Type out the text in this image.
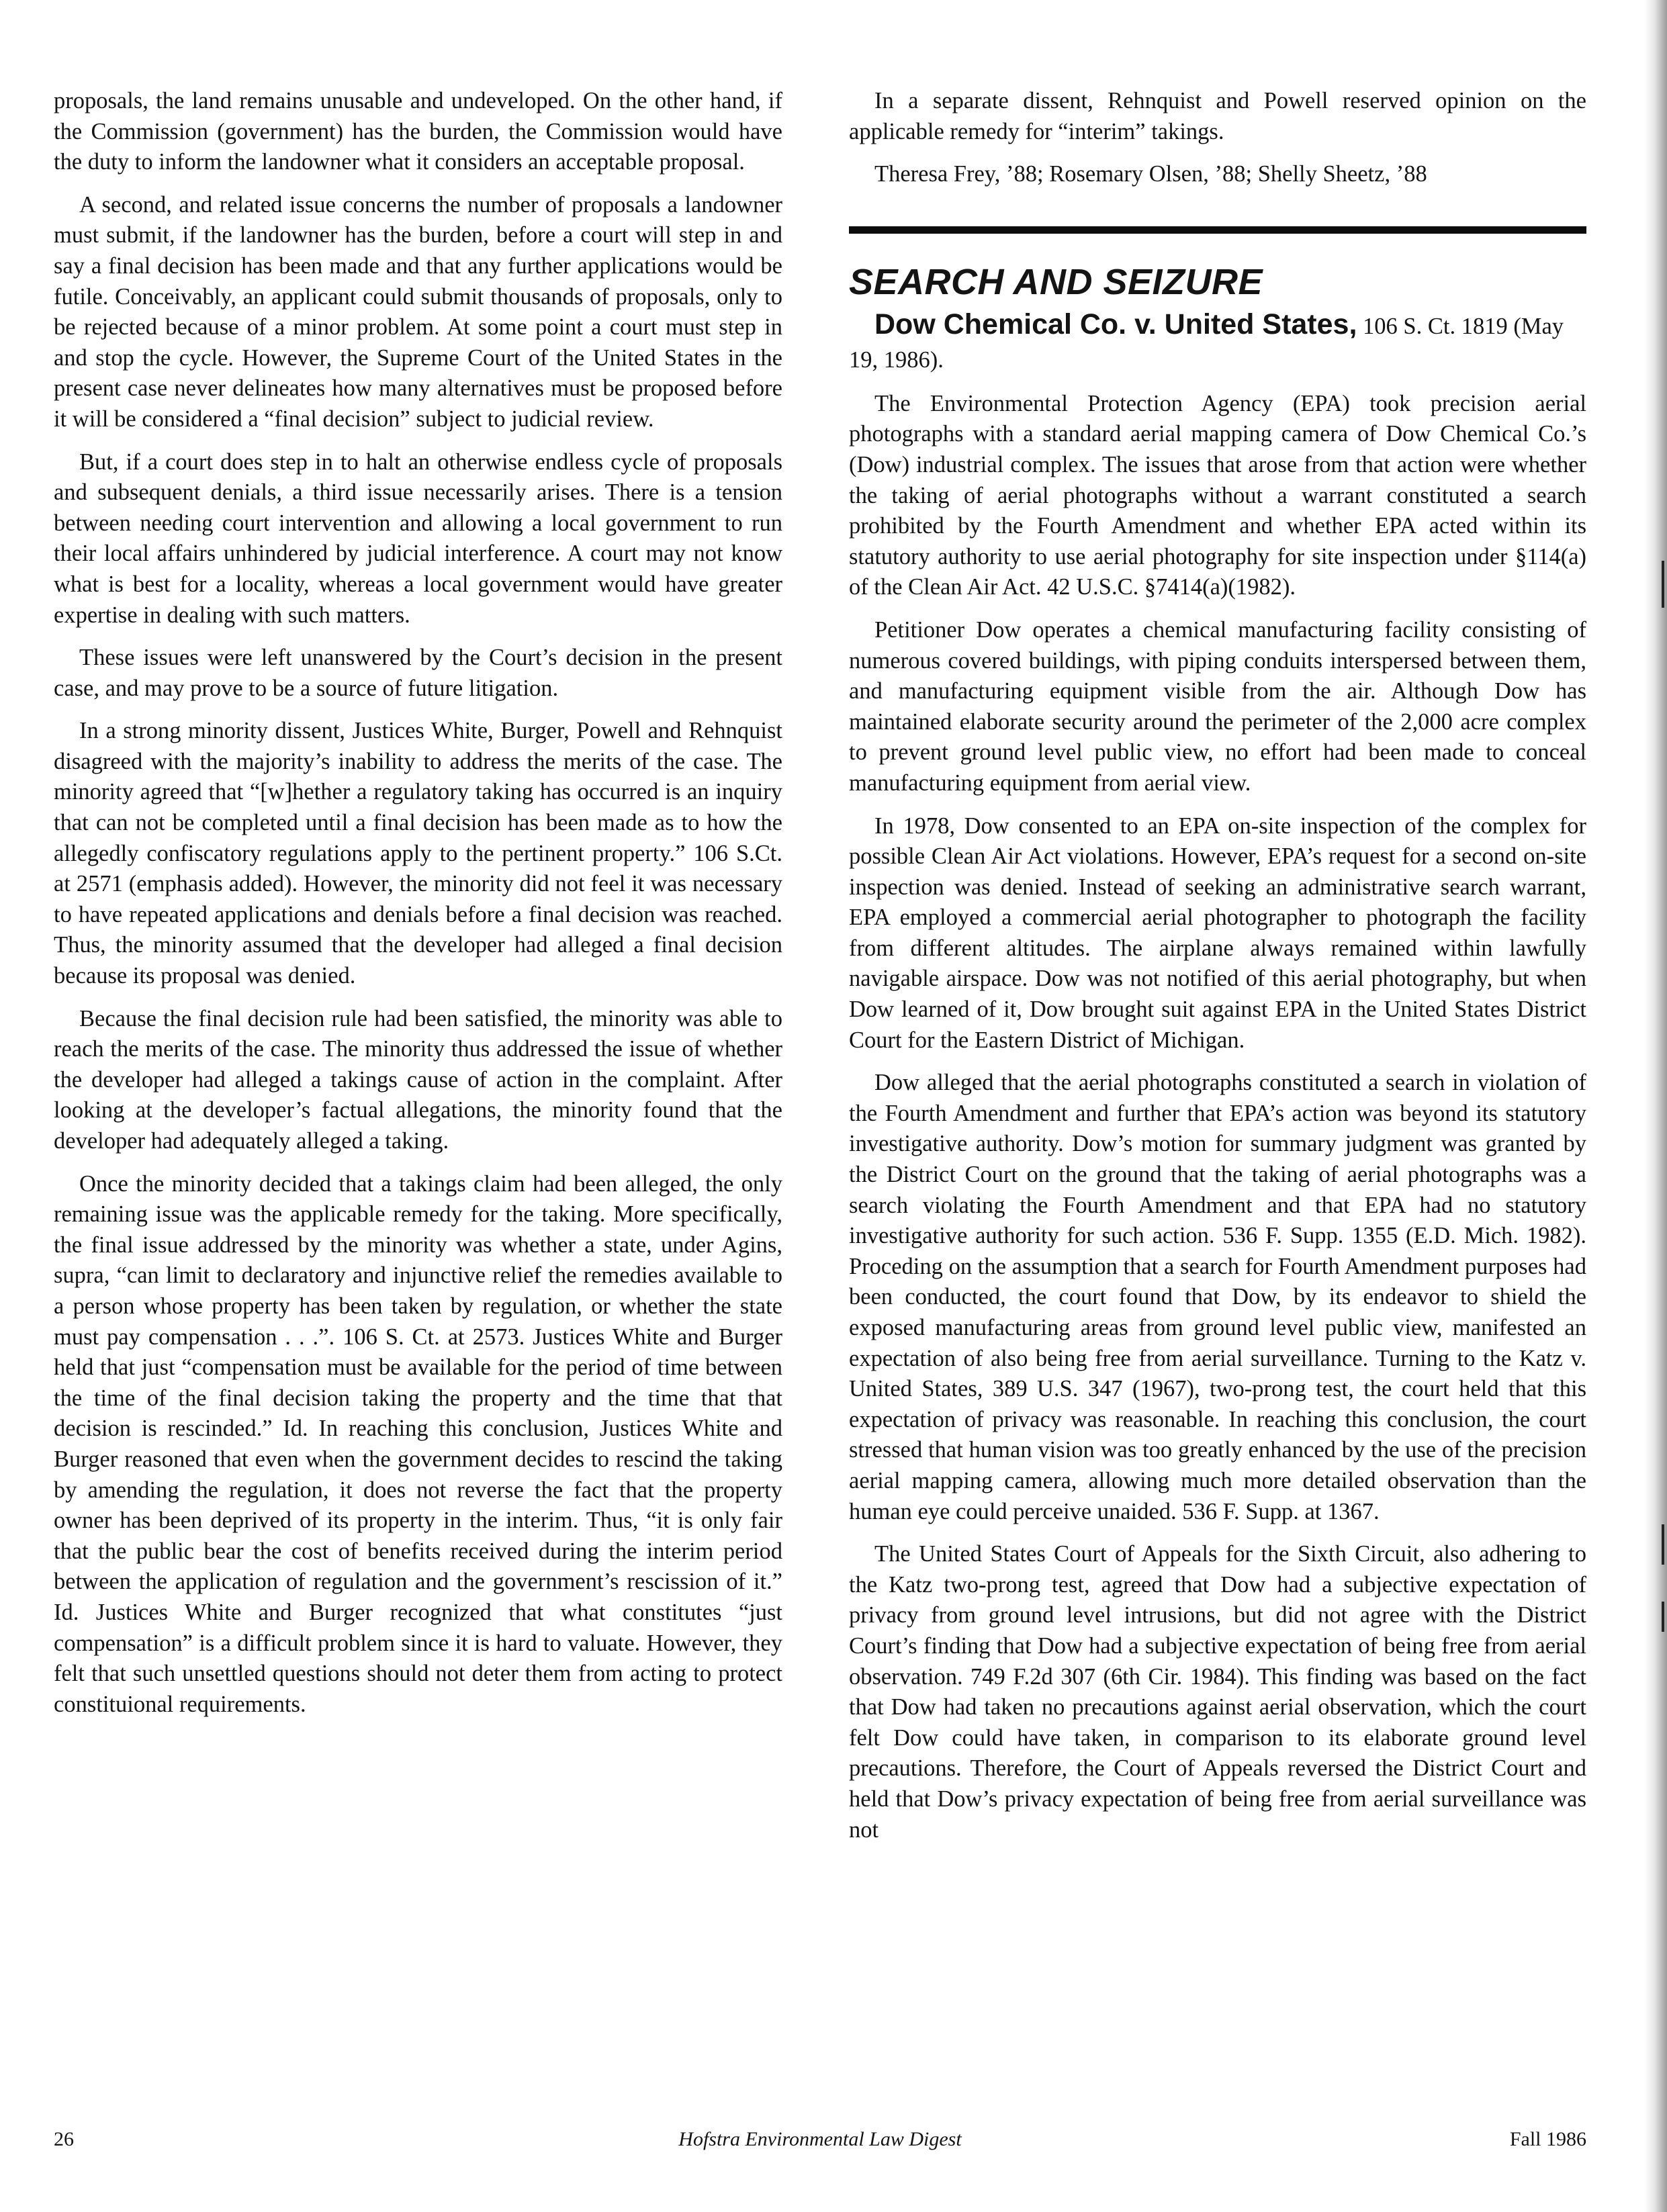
proposals, the land remains unusable and undeveloped. On the other hand, if the Commission (government) has the burden, the Commission would have the duty to inform the landowner what it considers an acceptable proposal.

A second, and related issue concerns the number of proposals a landowner must submit, if the landowner has the burden, before a court will step in and say a final decision has been made and that any further applications would be futile. Conceivably, an applicant could submit thousands of proposals, only to be rejected because of a minor problem. At some point a court must step in and stop the cycle. However, the Supreme Court of the United States in the present case never delineates how many alternatives must be proposed before it will be considered a “final decision” subject to judicial review.

But, if a court does step in to halt an otherwise endless cycle of proposals and subsequent denials, a third issue necessarily arises. There is a tension between needing court intervention and allowing a local government to run their local affairs unhindered by judicial interference. A court may not know what is best for a locality, whereas a local government would have greater expertise in dealing with such matters.

These issues were left unanswered by the Court’s decision in the present case, and may prove to be a source of future litigation.

In a strong minority dissent, Justices White, Burger, Powell and Rehnquist disagreed with the majority’s inability to address the merits of the case. The minority agreed that “[w]hether a regulatory taking has occurred is an inquiry that can not be completed until a final decision has been made as to how the allegedly confiscatory regulations apply to the pertinent property.” 106 S.Ct. at 2571 (emphasis added). However, the minority did not feel it was necessary to have repeated applications and denials before a final decision was reached. Thus, the minority assumed that the developer had alleged a final decision because its proposal was denied.

Because the final decision rule had been satisfied, the minority was able to reach the merits of the case. The minority thus addressed the issue of whether the developer had alleged a takings cause of action in the complaint. After looking at the developer’s factual allegations, the minority found that the developer had adequately alleged a taking.

Once the minority decided that a takings claim had been alleged, the only remaining issue was the applicable remedy for the taking. More specifically, the final issue addressed by the minority was whether a state, under Agins, supra, “can limit to declaratory and injunctive relief the remedies available to a person whose property has been taken by regulation, or whether the state must pay compensation . . .”. 106 S. Ct. at 2573. Justices White and Burger held that just “compensation must be available for the period of time between the time of the final decision taking the property and the time that that decision is rescinded.” Id. In reaching this conclusion, Justices White and Burger reasoned that even when the government decides to rescind the taking by amending the regulation, it does not reverse the fact that the property owner has been deprived of its property in the interim. Thus, “it is only fair that the public bear the cost of benefits received during the interim period between the application of regulation and the government’s rescission of it.” Id. Justices White and Burger recognized that what constitutes “just compensation” is a difficult problem since it is hard to valuate. However, they felt that such unsettled questions should not deter them from acting to protect constituional requirements.

In a separate dissent, Rehnquist and Powell reserved opinion on the applicable remedy for “interim” takings.

Theresa Frey, ’88; Rosemary Olsen, ’88; Shelly Sheetz, ’88

SEARCH AND SEIZURE

Dow Chemical Co. v. United States, 106 S. Ct. 1819 (May 19, 1986).

The Environmental Protection Agency (EPA) took precision aerial photographs with a standard aerial mapping camera of Dow Chemical Co.’s (Dow) industrial complex. The issues that arose from that action were whether the taking of aerial photographs without a warrant constituted a search prohibited by the Fourth Amendment and whether EPA acted within its statutory authority to use aerial photography for site inspection under §114(a) of the Clean Air Act. 42 U.S.C. §7414(a)(1982).

Petitioner Dow operates a chemical manufacturing facility consisting of numerous covered buildings, with piping conduits interspersed between them, and manufacturing equipment visible from the air. Although Dow has maintained elaborate security around the perimeter of the 2,000 acre complex to prevent ground level public view, no effort had been made to conceal manufacturing equipment from aerial view.

In 1978, Dow consented to an EPA on-site inspection of the complex for possible Clean Air Act violations. However, EPA’s request for a second on-site inspection was denied. Instead of seeking an administrative search warrant, EPA employed a commercial aerial photographer to photograph the facility from different altitudes. The airplane always remained within lawfully navigable airspace. Dow was not notified of this aerial photography, but when Dow learned of it, Dow brought suit against EPA in the United States District Court for the Eastern District of Michigan.

Dow alleged that the aerial photographs constituted a search in violation of the Fourth Amendment and further that EPA’s action was beyond its statutory investigative authority. Dow’s motion for summary judgment was granted by the District Court on the ground that the taking of aerial photographs was a search violating the Fourth Amendment and that EPA had no statutory investigative authority for such action. 536 F. Supp. 1355 (E.D. Mich. 1982). Proceding on the assumption that a search for Fourth Amendment purposes had been conducted, the court found that Dow, by its endeavor to shield the exposed manufacturing areas from ground level public view, manifested an expectation of also being free from aerial surveillance. Turning to the Katz v. United States, 389 U.S. 347 (1967), two-prong test, the court held that this expectation of privacy was reasonable. In reaching this conclusion, the court stressed that human vision was too greatly enhanced by the use of the precision aerial mapping camera, allowing much more detailed observation than the human eye could perceive unaided. 536 F. Supp. at 1367.

The United States Court of Appeals for the Sixth Circuit, also adhering to the Katz two-prong test, agreed that Dow had a subjective expectation of privacy from ground level intrusions, but did not agree with the District Court’s finding that Dow had a subjective expectation of being free from aerial observation. 749 F.2d 307 (6th Cir. 1984). This finding was based on the fact that Dow had taken no precautions against aerial observation, which the court felt Dow could have taken, in comparison to its elaborate ground level precautions. Therefore, the Court of Appeals reversed the District Court and held that Dow’s privacy expectation of being free from aerial surveillance was not

26	Hofstra Environmental Law Digest	Fall 1986
